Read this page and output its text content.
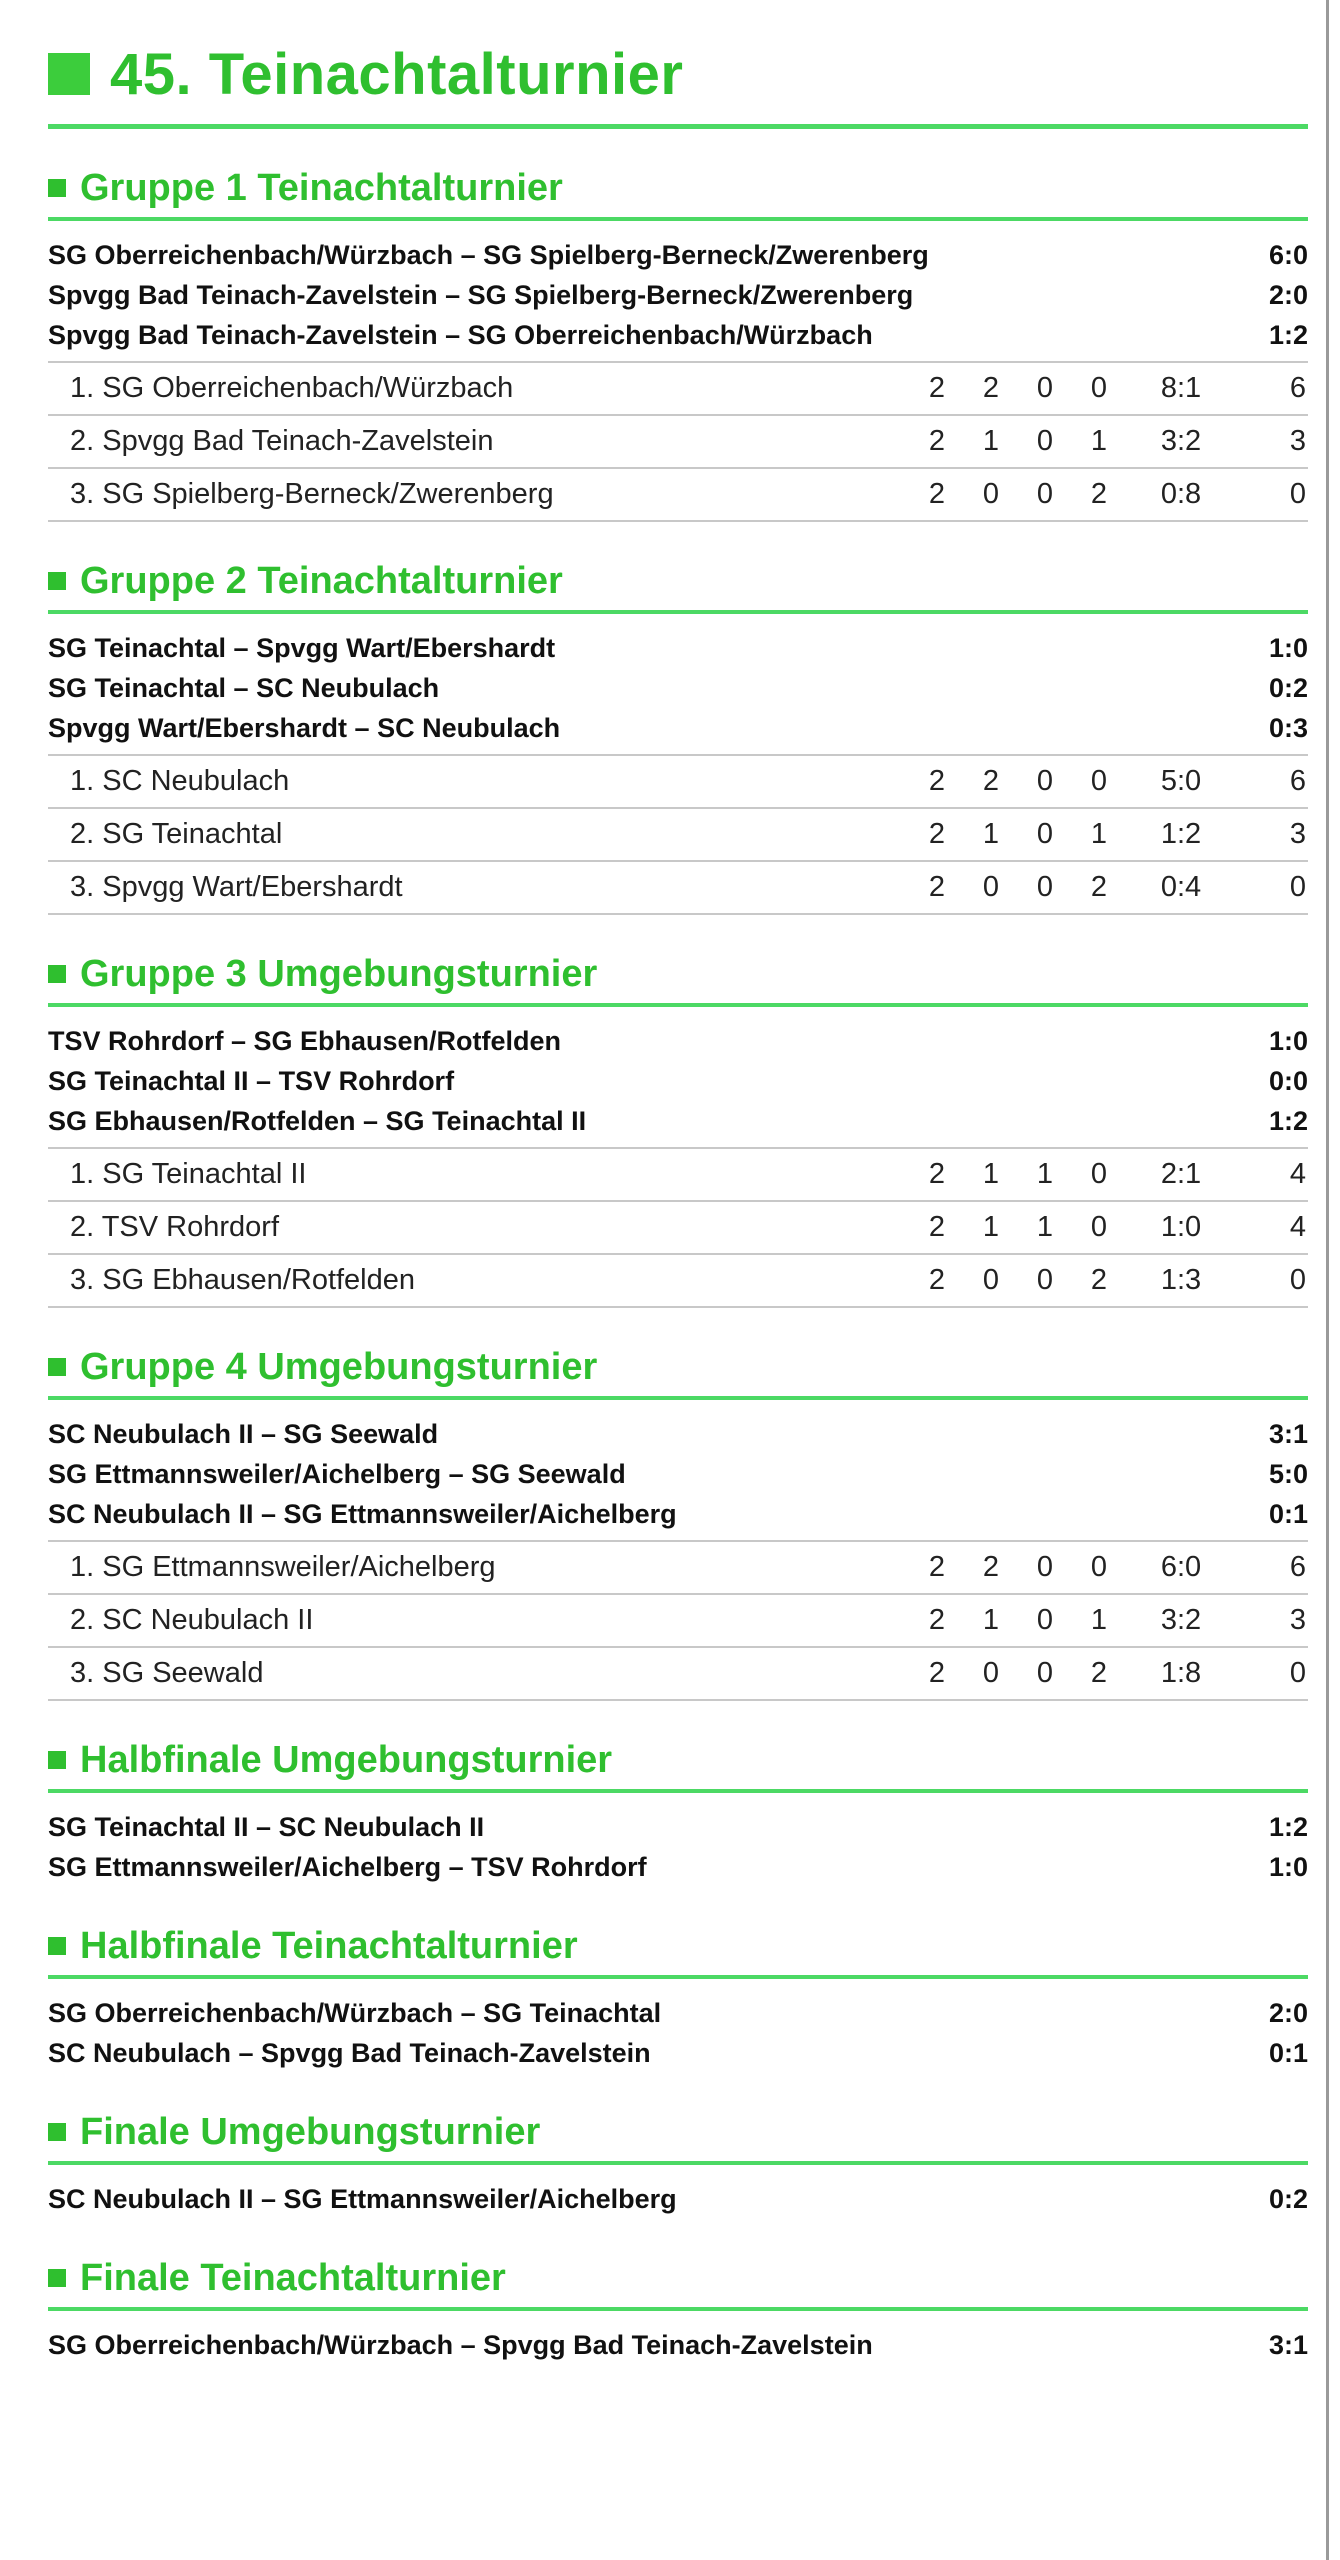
45. Teinachtalturnier
Gruppe 1 Teinachtalturnier
SG Oberreichenbach/Würzbach – SG Spielberg-Berneck/Zwerenberg	6:0
Spvgg Bad Teinach-Zavelstein – SG Spielberg-Berneck/Zwerenberg	2:0
Spvgg Bad Teinach-Zavelstein – SG Oberreichenbach/Würzbach	1:2
1. SG Oberreichenbach/Würzbach	2	2	0	0	8:1	6
2. Spvgg Bad Teinach-Zavelstein	2	1	0	1	3:2	3
3. SG Spielberg-Berneck/Zwerenberg	2	0	0	2	0:8	0
Gruppe 2 Teinachtalturnier
SG Teinachtal – Spvgg Wart/Ebershardt	1:0
SG Teinachtal – SC Neubulach	0:2
Spvgg Wart/Ebershardt – SC Neubulach	0:3
1. SC Neubulach	2	2	0	0	5:0	6
2. SG Teinachtal	2	1	0	1	1:2	3
3. Spvgg Wart/Ebershardt	2	0	0	2	0:4	0
Gruppe 3 Umgebungsturnier
TSV Rohrdorf – SG Ebhausen/Rotfelden	1:0
SG Teinachtal II – TSV Rohrdorf	0:0
SG Ebhausen/Rotfelden – SG Teinachtal II	1:2
1. SG Teinachtal II	2	1	1	0	2:1	4
2. TSV Rohrdorf	2	1	1	0	1:0	4
3. SG Ebhausen/Rotfelden	2	0	0	2	1:3	0
Gruppe 4 Umgebungsturnier
SC Neubulach II – SG Seewald	3:1
SG Ettmannsweiler/Aichelberg – SG Seewald	5:0
SC Neubulach II – SG Ettmannsweiler/Aichelberg	0:1
1. SG Ettmannsweiler/Aichelberg	2	2	0	0	6:0	6
2. SC Neubulach II	2	1	0	1	3:2	3
3. SG Seewald	2	0	0	2	1:8	0
Halbfinale Umgebungsturnier
SG Teinachtal II – SC Neubulach II	1:2
SG Ettmannsweiler/Aichelberg – TSV Rohrdorf	1:0
Halbfinale Teinachtalturnier
SG Oberreichenbach/Würzbach – SG Teinachtal	2:0
SC Neubulach – Spvgg Bad Teinach-Zavelstein	0:1
Finale Umgebungsturnier
SC Neubulach II – SG Ettmannsweiler/Aichelberg	0:2
Finale Teinachtalturnier
SG Oberreichenbach/Würzbach – Spvgg Bad Teinach-Zavelstein	3:1
